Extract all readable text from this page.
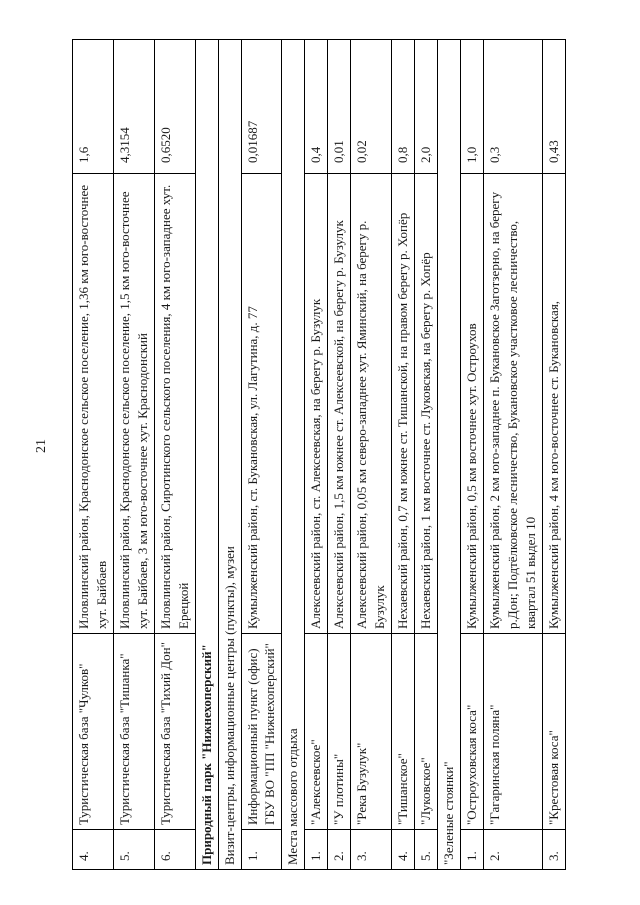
21
4.	Туристическая база "Чулков"	Иловлинский район, Краснодонское сельское поселение, 1,36 км юго-восточнее хут. Байбаев	1,6
5.	Туристическая база "Тишанка"	Иловлинский район, Краснодонское сельское поселение, 1,5 км юго-восточнее хут. Байбаев, 3 км юго-восточнее хут. Краснодонский	4,3154
6.	Туристическая база "Тихий Дон"	Иловлинский район, Сиротинского сельского поселения, 4 км юго-западнее хут. Ерецкой	0,6520
Природный парк "Нижнехоперский"			
Визит-центры, информационные центры (пункты), музеи			
1.	Информационный пункт (офис) ГБУ ВО "ПП "Нижнехоперский"	Кумылженский район, ст. Букановская, ул. Лагутина, д. 77	0,01687
Места массового отдыха			
1.	"Алексеевское"	Алексеевский район, ст. Алексеевская, на берегу р. Бузулук	0,4
2.	"У плотины"	Алексеевский район, 1,5 км южнее ст. Алексеевской, на берегу р. Бузулук	0,01
3.	"Река Бузулук"	Алексеевский район, 0,05 км северо-западнее хут. Яминский, на берегу р. Бузулук	0,02
4.	"Тишанское"	Нехаевский район, 0,7 км южнее ст. Тишанской, на правом берегу р. Хопёр	0,8
5.	"Луковское"	Нехаевский район, 1 км восточнее ст. Луковская, на берегу р. Хопёр	2,0
"Зеленые стоянки"			
1.	"Остроуховская коса"	Кумылженский район, 0,5 км восточнее хут. Остроухов	1,0
2.	"Гагаринская поляна"	Кумылженский район, 2 км юго-западнее п. Букановское Заготзерно, на берегу р.Дон; Подтёлковское лесничество, Букановское участковое лесничество, квартал 51 выдел 10	0,3
3.	"Крестовая коса"	Кумылженский район, 4 км юго-восточнее ст. Букановская,	0,43
